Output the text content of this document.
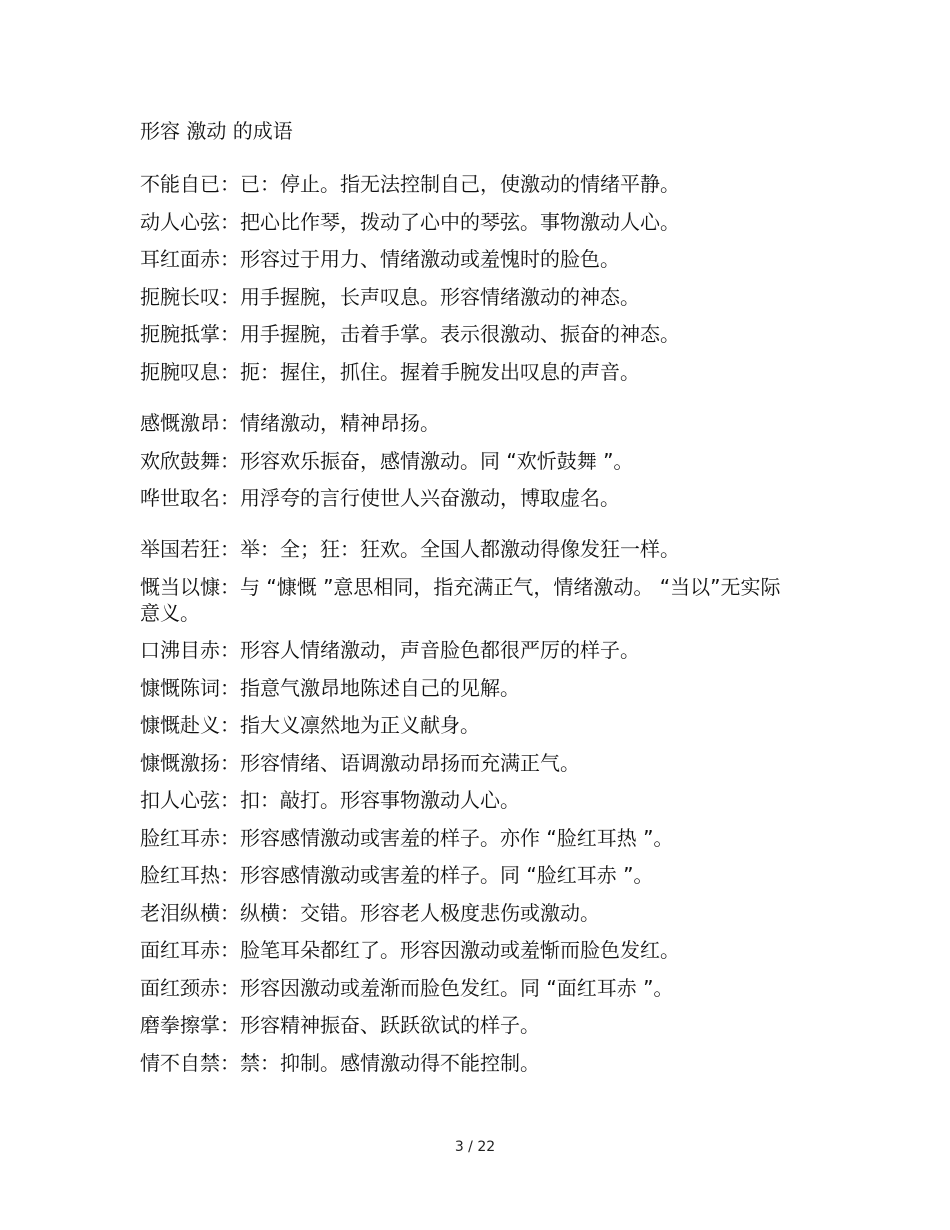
形容 激动 的成语
不能自已：已：停止。指无法控制自己，使激动的情绪平静。
动人心弦：把心比作琴，拨动了心中的琴弦。事物激动人心。
耳红面赤：形容过于用力、情绪激动或羞愧时的脸色。
扼腕长叹：用手握腕，长声叹息。形容情绪激动的神态。
扼腕抵掌：用手握腕，击着手掌。表示很激动、振奋的神态。
扼腕叹息：扼：握住，抓住。握着手腕发出叹息的声音。
感慨激昂：情绪激动，精神昂扬。
欢欣鼓舞：形容欢乐振奋，感情激动。同 “欢忻鼓舞 ”。
哗世取名：用浮夸的言行使世人兴奋激动，博取虚名。
举国若狂：举：全；狂：狂欢。全国人都激动得像发狂一样。
慨当以慷：与 “慷慨 ”意思相同，指充满正气，情绪激动。 “当以”无实际意义。
口沸目赤：形容人情绪激动，声音脸色都很严厉的样子。
慷慨陈词：指意气激昂地陈述自己的见解。
慷慨赴义：指大义凛然地为正义献身。
慷慨激扬：形容情绪、语调激动昂扬而充满正气。
扣人心弦：扣：敲打。形容事物激动人心。
脸红耳赤：形容感情激动或害羞的样子。亦作 “脸红耳热 ”。
脸红耳热：形容感情激动或害羞的样子。同 “脸红耳赤 ”。
老泪纵横：纵横：交错。形容老人极度悲伤或激动。
面红耳赤：脸笔耳朵都红了。形容因激动或羞惭而脸色发红。
面红颈赤：形容因激动或羞渐而脸色发红。同 “面红耳赤 ”。
磨拳擦掌：形容精神振奋、跃跃欲试的样子。
情不自禁：禁：抑制。感情激动得不能控制。
3 / 22
